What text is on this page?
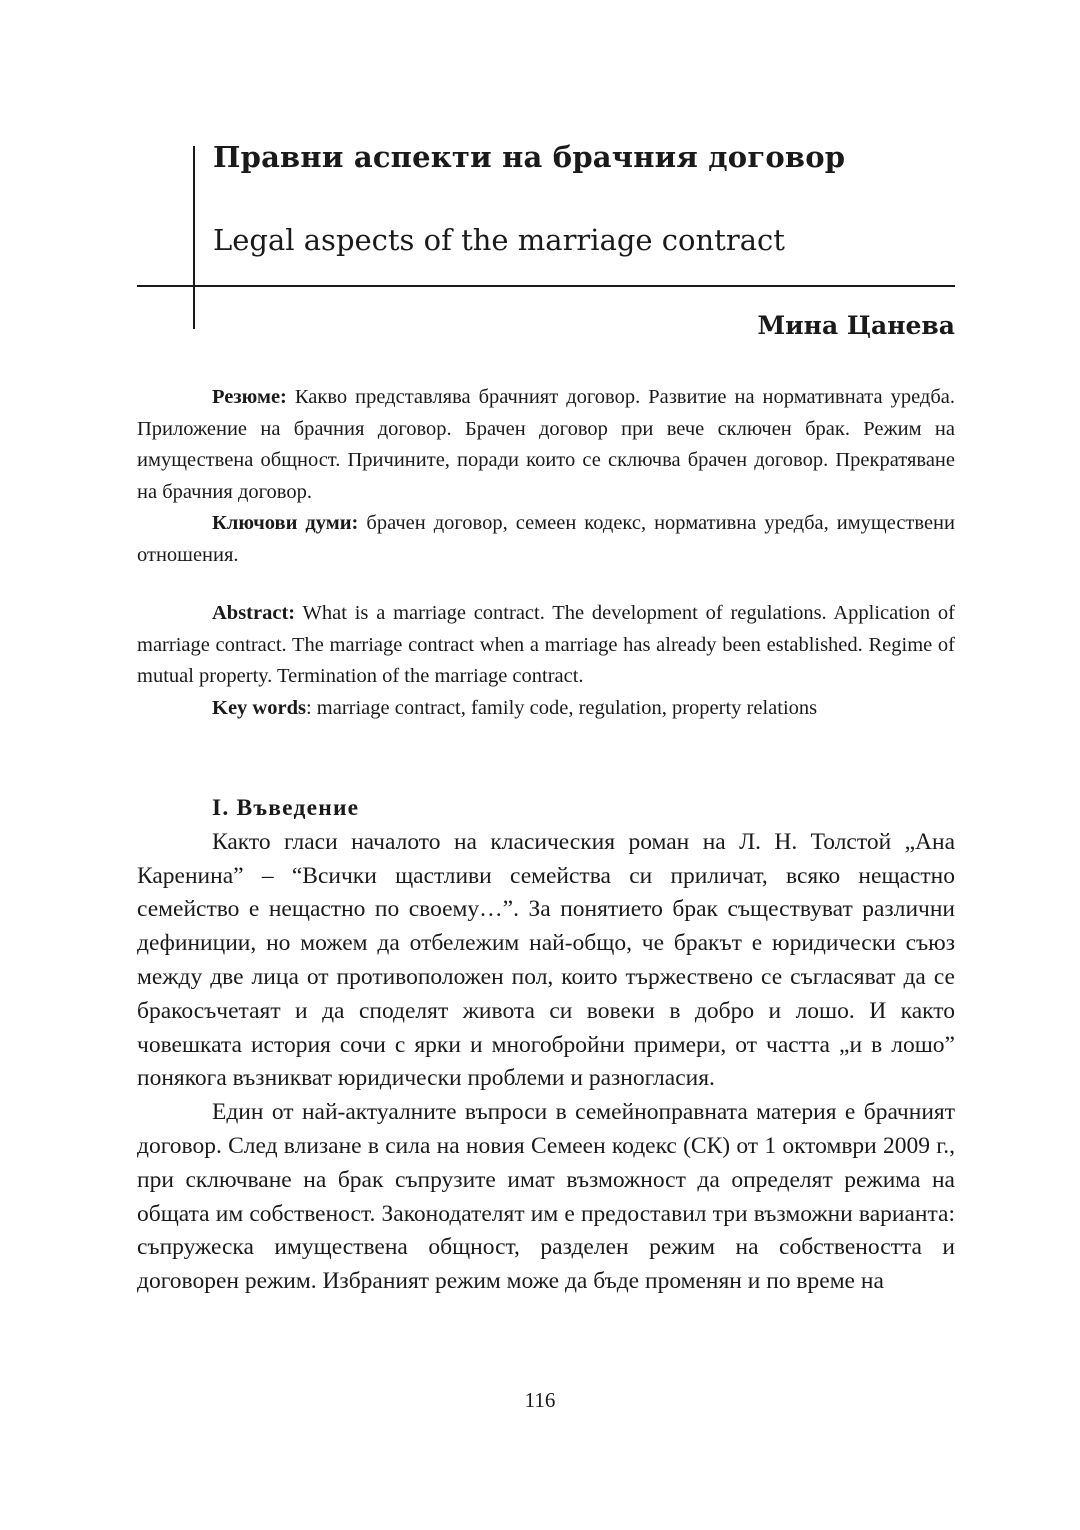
Правни аспекти на брачния договор
Legal aspects of the marriage contract
Мина Цанева

Резюме: Какво представлява брачният договор. Развитие на нормативната уредба. Приложение на брачния договор. Брачен договор при вече сключен брак. Режим на имуществена общност. Причините, поради които се сключва брачен договор. Прекратяване на брачния договор.

Ключови думи: брачен договор, семеен кодекс, нормативна уредба, имуществени отношения.

Abstract: What is a marriage contract. The development of regulations. Application of marriage contract. The marriage contract when a marriage has already been established. Regime of mutual property. Termination of the marriage contract.

Key words: marriage contract, family code, regulation, property relations

I. Въведение

Както гласи началото на класическия роман на Л. Н. Толстой „Ана Каренина” – “Всички щастливи семейства си приличат, всяко нещастно семейство е нещастно по своему…”. За понятието брак съществуват различни дефиниции, но можем да отбележим най-общо, че бракът е юридически съюз между две лица от противоположен пол, които тържествено се съгласяват да се бракосъчетаят и да споделят живота си вовеки в добро и лошо. И както човешката история сочи с ярки и многобройни примери, от частта „и в лошо” понякога възникват юридически проблеми и разногласия.

Един от най-актуалните въпроси в семейноправната материя е брачният договор. След влизане в сила на новия Семеен кодекс (СК) от 1 октомври 2009 г., при сключване на брак съпрузите имат възможност да определят режима на общата им собственост. Законодателят им е предоставил три възможни варианта: съпружеска имуществена общност, разделен режим на собствеността и договорен режим. Избраният режим може да бъде променян и по време на

116
